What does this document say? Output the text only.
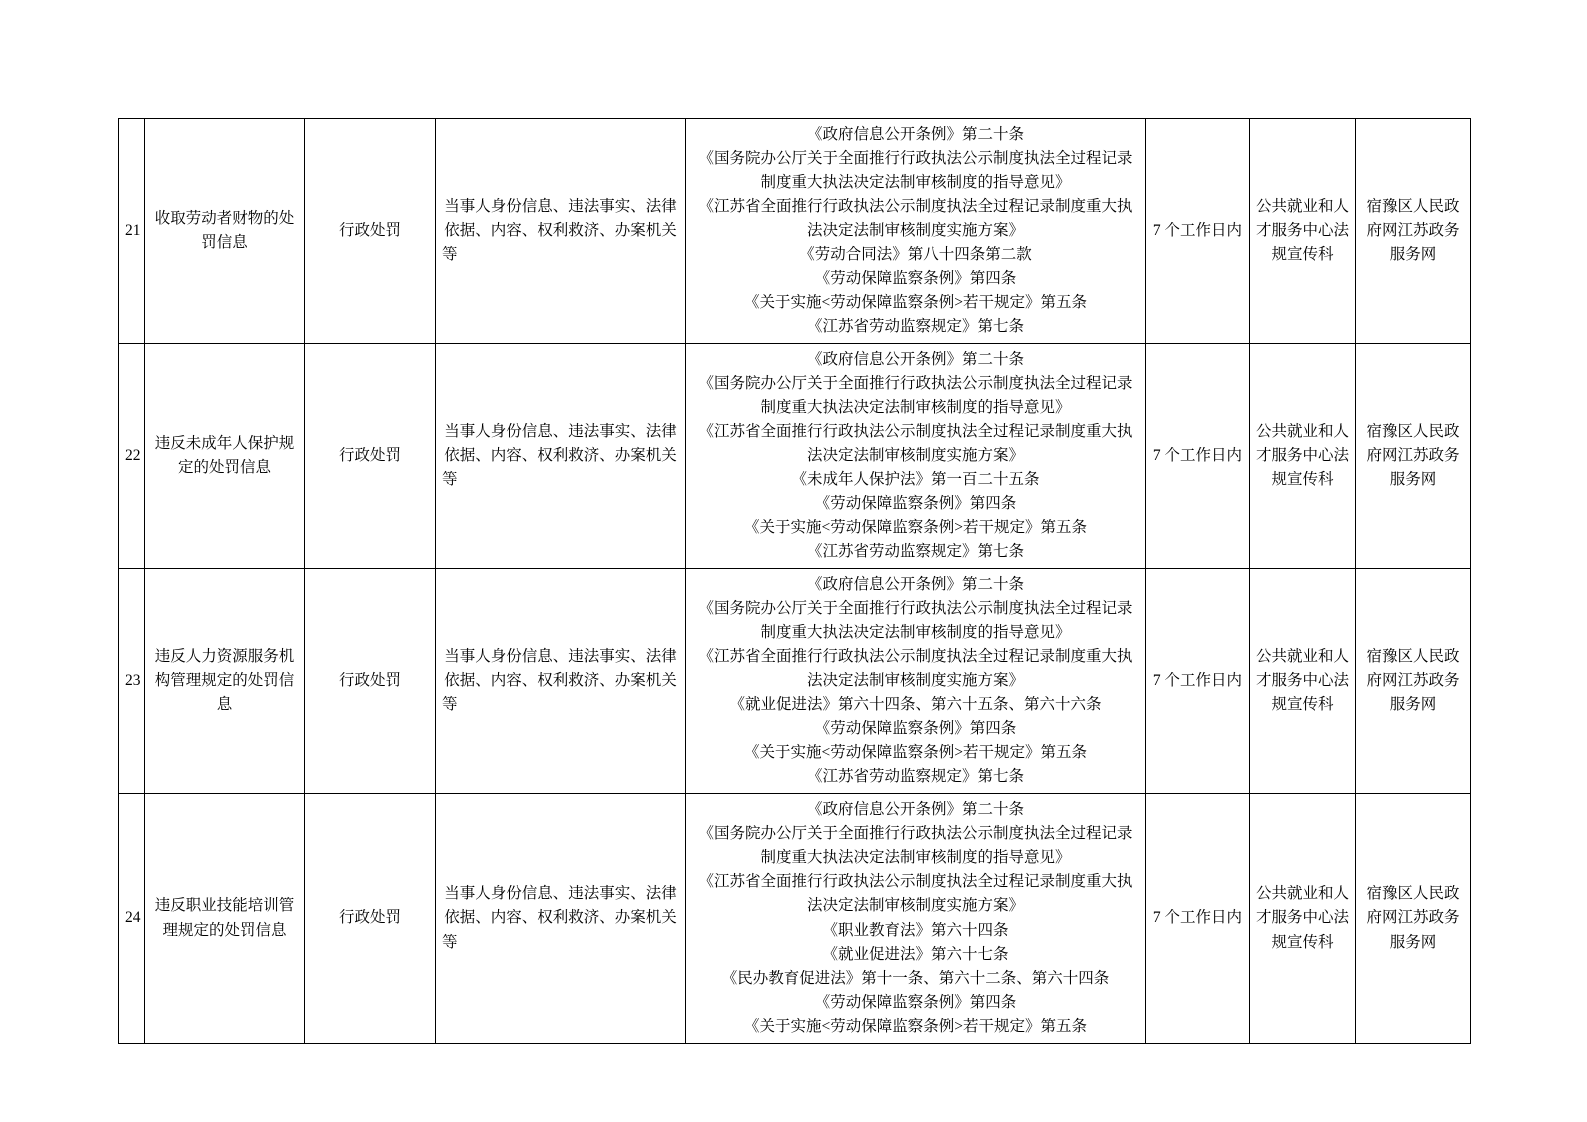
21	收取劳动者财物的处罚信息	行政处罚	当事人身份信息、违法事实、法律依据、内容、权利救济、办案机关等	
《政府信息公开条例》第二十条
《国务院办公厅关于全面推行行政执法公示制度执法全过程记录
制度重大执法决定法制审核制度的指导意见》
《江苏省全面推行行政执法公示制度执法全过程记录制度重大执
法决定法制审核制度实施方案》
《劳动合同法》第八十四条第二款
《劳动保障监察条例》第四条
《关于实施<劳动保障监察条例>若干规定》第五条
《江苏省劳动监察规定》第七条
	7 个工作日内	公共就业和人才服务中心法规宣传科	宿豫区人民政府网江苏政务服务网
22	违反未成年人保护规定的处罚信息	行政处罚	当事人身份信息、违法事实、法律依据、内容、权利救济、办案机关等	
《政府信息公开条例》第二十条
《国务院办公厅关于全面推行行政执法公示制度执法全过程记录
制度重大执法决定法制审核制度的指导意见》
《江苏省全面推行行政执法公示制度执法全过程记录制度重大执
法决定法制审核制度实施方案》
《未成年人保护法》第一百二十五条
《劳动保障监察条例》第四条
《关于实施<劳动保障监察条例>若干规定》第五条
《江苏省劳动监察规定》第七条
	7 个工作日内	公共就业和人才服务中心法规宣传科	宿豫区人民政府网江苏政务服务网
23	违反人力资源服务机构管理规定的处罚信息	行政处罚	当事人身份信息、违法事实、法律依据、内容、权利救济、办案机关等	
《政府信息公开条例》第二十条
《国务院办公厅关于全面推行行政执法公示制度执法全过程记录
制度重大执法决定法制审核制度的指导意见》
《江苏省全面推行行政执法公示制度执法全过程记录制度重大执
法决定法制审核制度实施方案》
《就业促进法》第六十四条、第六十五条、第六十六条
《劳动保障监察条例》第四条
《关于实施<劳动保障监察条例>若干规定》第五条
《江苏省劳动监察规定》第七条
	7 个工作日内	公共就业和人才服务中心法规宣传科	宿豫区人民政府网江苏政务服务网
24	违反职业技能培训管理规定的处罚信息	行政处罚	当事人身份信息、违法事实、法律依据、内容、权利救济、办案机关等	
《政府信息公开条例》第二十条
《国务院办公厅关于全面推行行政执法公示制度执法全过程记录
制度重大执法决定法制审核制度的指导意见》
《江苏省全面推行行政执法公示制度执法全过程记录制度重大执
法决定法制审核制度实施方案》
《职业教育法》第六十四条
《就业促进法》第六十七条
《民办教育促进法》第十一条、第六十二条、第六十四条
《劳动保障监察条例》第四条
《关于实施<劳动保障监察条例>若干规定》第五条
	7 个工作日内	公共就业和人才服务中心法规宣传科	宿豫区人民政府网江苏政务服务网
